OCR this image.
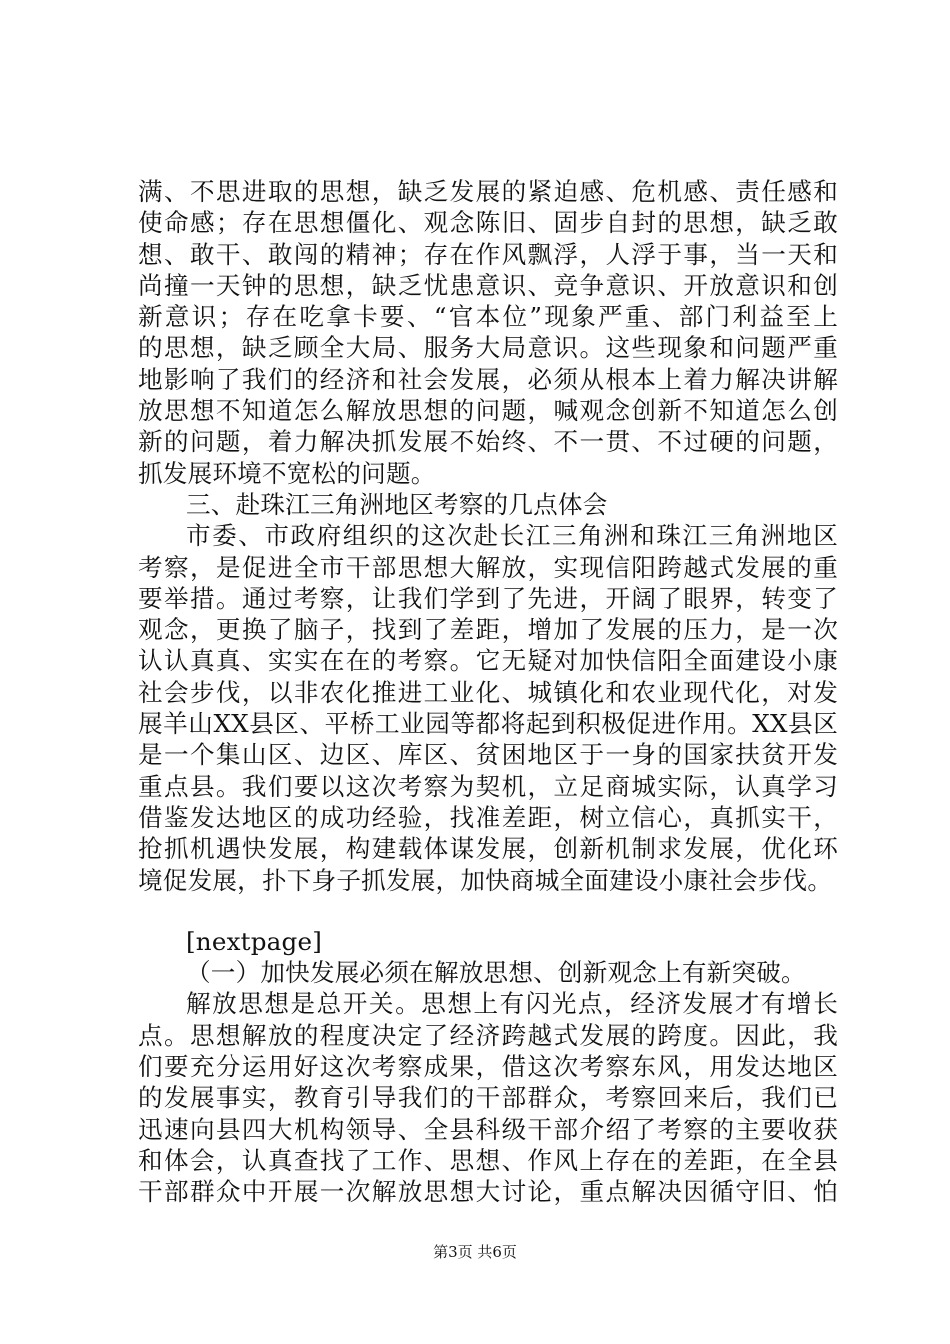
满、不思进取的思想，缺乏发展的紧迫感、危机感、责任感和
使命感；存在思想僵化、观念陈旧、固步自封的思想，缺乏敢
想、敢干、敢闯的精神；存在作风飘浮，人浮于事，当一天和
尚撞一天钟的思想，缺乏忧患意识、竞争意识、开放意识和创
新意识；存在吃拿卡要、“官本位”现象严重、部门利益至上
的思想，缺乏顾全大局、服务大局意识。这些现象和问题严重
地影响了我们的经济和社会发展，必须从根本上着力解决讲解
放思想不知道怎么解放思想的问题，喊观念创新不知道怎么创
新的问题，着力解决抓发展不始终、不一贯、不过硬的问题，
抓发展环境不宽松的问题。
三、赴珠江三角洲地区考察的几点体会
市委、市政府组织的这次赴长江三角洲和珠江三角洲地区
考察，是促进全市干部思想大解放，实现信阳跨越式发展的重
要举措。通过考察，让我们学到了先进，开阔了眼界，转变了
观念，更换了脑子，找到了差距，增加了发展的压力，是一次
认认真真、实实在在的考察。它无疑对加快信阳全面建设小康
社会步伐，以非农化推进工业化、城镇化和农业现代化，对发
展羊山XX县区、平桥工业园等都将起到积极促进作用。XX县区
是一个集山区、边区、库区、贫困地区于一身的国家扶贫开发
重点县。我们要以这次考察为契机，立足商城实际，认真学习
借鉴发达地区的成功经验，找准差距，树立信心，真抓实干，
抢抓机遇快发展，构建载体谋发展，创新机制求发展，优化环
境促发展，扑下身子抓发展，加快商城全面建设小康社会步伐。
[nextpage]
（一）加快发展必须在解放思想、创新观念上有新突破。
解放思想是总开关。思想上有闪光点，经济发展才有增长
点。思想解放的程度决定了经济跨越式发展的跨度。因此，我
们要充分运用好这次考察成果，借这次考察东风，用发达地区
的发展事实，教育引导我们的干部群众，考察回来后，我们已
迅速向县四大机构领导、全县科级干部介绍了考察的主要收获
和体会，认真查找了工作、思想、作风上存在的差距，在全县
干部群众中开展一次解放思想大讨论，重点解决因循守旧、怕
第3页 共6页
